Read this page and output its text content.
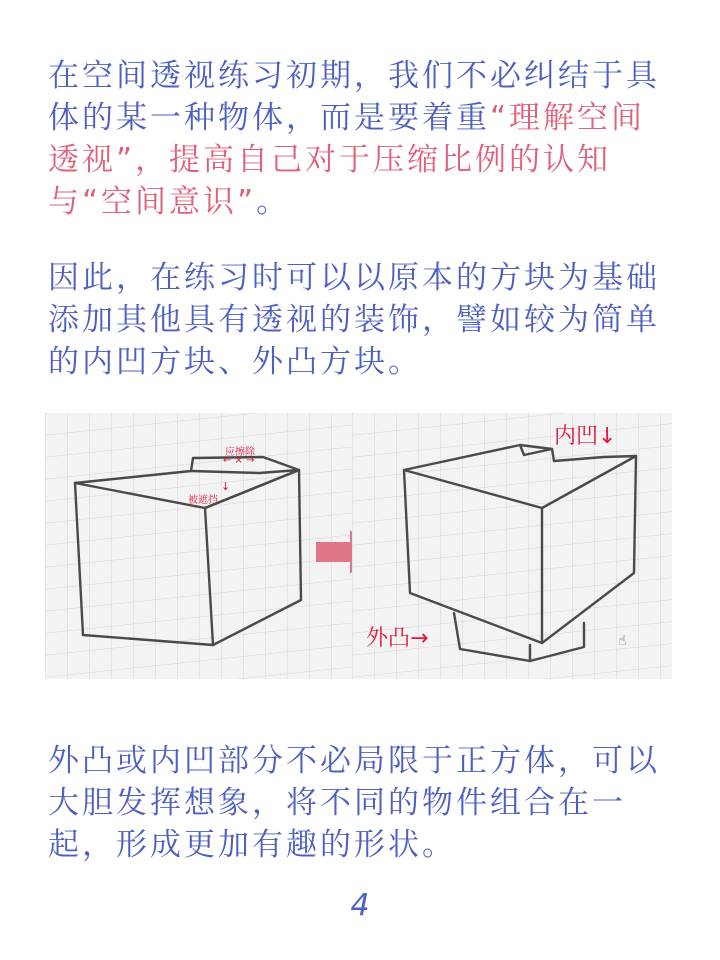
在空间透视练习初期，我们不必纠结于具体的某一种物体，而是要着重“理解空间透视”，提高自己对于压缩比例的认知与“空间意识”。

因此，在练习时可以以原本的方块为基础添加其他具有透视的装饰，譬如较为简单的内凹方块、外凸方块。

应擦除
← × →
↓
被遮挡
内凹↓
外凸→	☝

外凸或内凹部分不必局限于正方体，可以大胆发挥想象，将不同的物件组合在一起，形成更加有趣的形状。

4
